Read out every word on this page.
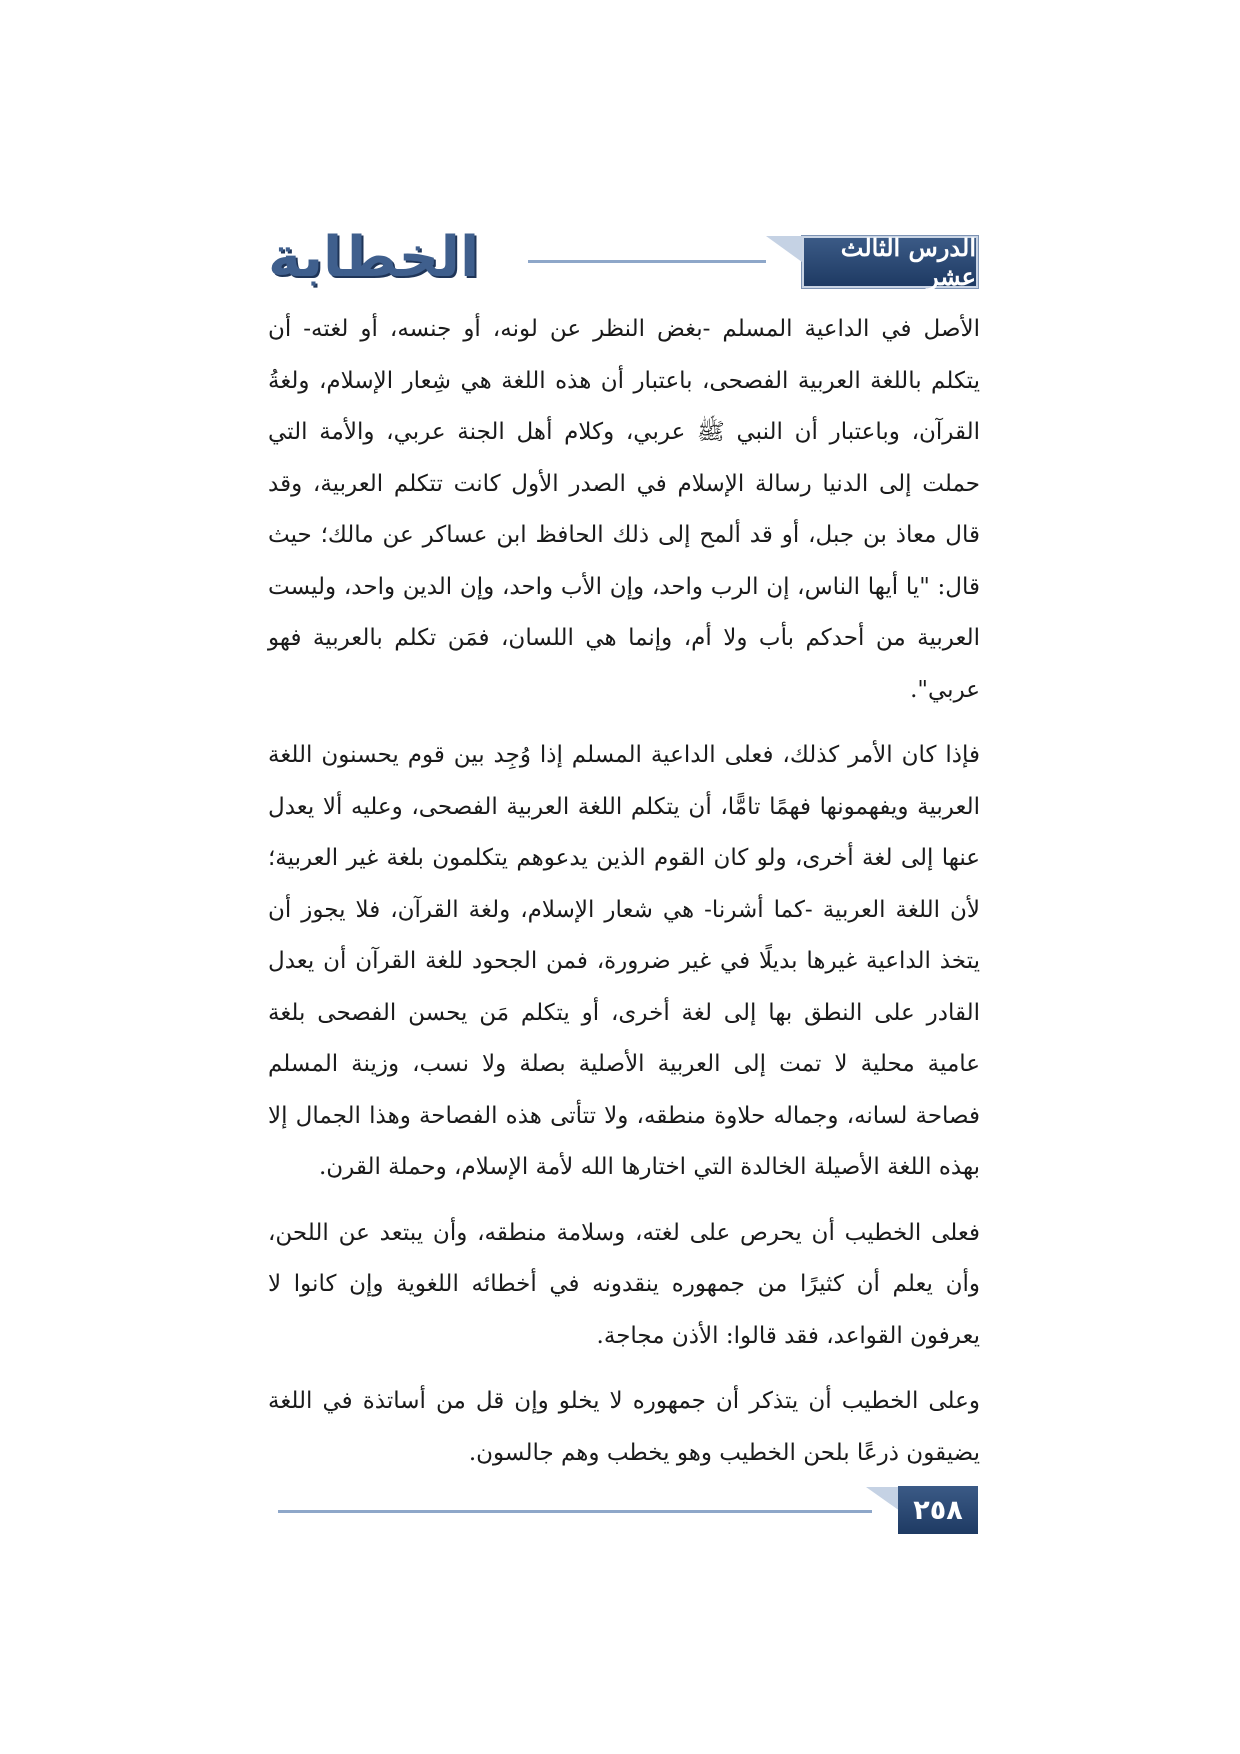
الدرس الثالث عشر
الخطابة

الأصل في الداعية المسلم -بغض النظر عن لونه، أو جنسه، أو لغته- أن يتكلم باللغة العربية الفصحى، باعتبار أن هذه اللغة هي شِعار الإسلام، ولغةُ القرآن، وباعتبار أن النبي ﷺ عربي، وكلام أهل الجنة عربي، والأمة التي حملت إلى الدنيا رسالة الإسلام في الصدر الأول كانت تتكلم العربية، وقد قال معاذ بن جبل، أو قد ألمح إلى ذلك الحافظ ابن عساكر عن مالك؛ حيث قال: "يا أيها الناس، إن الرب واحد، وإن الأب واحد، وإن الدين واحد، وليست العربية من أحدكم بأب ولا أم، وإنما هي اللسان، فمَن تكلم بالعربية فهو عربي".

فإذا كان الأمر كذلك، فعلى الداعية المسلم إذا وُجِد بين قوم يحسنون اللغة العربية ويفهمونها فهمًا تامًّا، أن يتكلم اللغة العربية الفصحى، وعليه ألا يعدل عنها إلى لغة أخرى، ولو كان القوم الذين يدعوهم يتكلمون بلغة غير العربية؛ لأن اللغة العربية -كما أشرنا- هي شعار الإسلام، ولغة القرآن، فلا يجوز أن يتخذ الداعية غيرها بديلًا في غير ضرورة، فمن الجحود للغة القرآن أن يعدل القادر على النطق بها إلى لغة أخرى، أو يتكلم مَن يحسن الفصحى بلغة عامية محلية لا تمت إلى العربية الأصلية بصلة ولا نسب، وزينة المسلم فصاحة لسانه، وجماله حلاوة منطقه، ولا تتأتى هذه الفصاحة وهذا الجمال إلا بهذه اللغة الأصيلة الخالدة التي اختارها الله لأمة الإسلام، وحملة القرن.

فعلى الخطيب أن يحرص على لغته، وسلامة منطقه، وأن يبتعد عن اللحن، وأن يعلم أن كثيرًا من جمهوره ينقدونه في أخطائه اللغوية وإن كانوا لا يعرفون القواعد، فقد قالوا: الأذن مجاجة.

وعلى الخطيب أن يتذكر أن جمهوره لا يخلو وإن قل من أساتذة في اللغة يضيقون ذرعًا بلحن الخطيب وهو يخطب وهم جالسون.

٢٥٨
